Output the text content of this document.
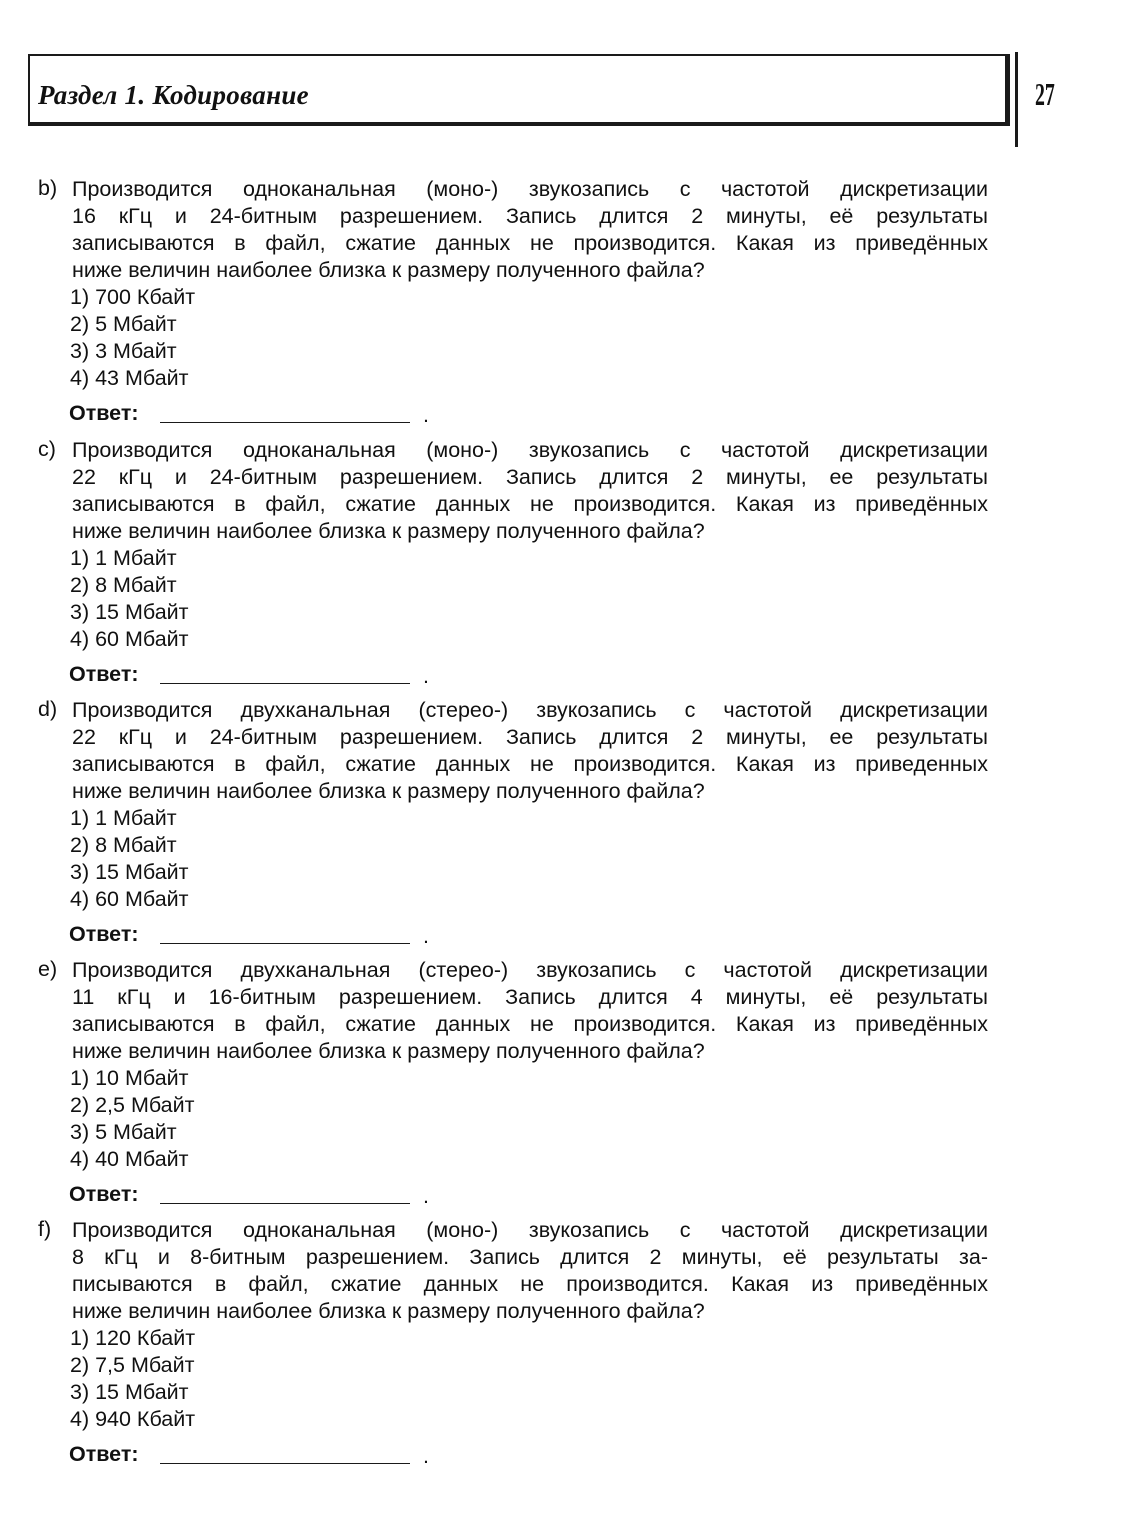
Раздел 1. Кодирование	27
b) Производится одноканальная (моно-) звукозапись с частотой дискретизации
16 кГц и 24-битным разрешением. Запись длится 2 минуты, её результаты
записываются в файл, сжатие данных не производится. Какая из приведённых
ниже величин наиболее близка к размеру полученного файла?
1) 700 Кбайт
2) 5 Мбайт
3) 3 Мбайт
4) 43 Мбайт
Ответ:	.
c) Производится одноканальная (моно-) звукозапись с частотой дискретизации
22 кГц и 24-битным разрешением. Запись длится 2 минуты, ее результаты
записываются в файл, сжатие данных не производится. Какая из приведённых
ниже величин наиболее близка к размеру полученного файла?
1) 1 Мбайт
2) 8 Мбайт
3) 15 Мбайт
4) 60 Мбайт
Ответ:	.
d) Производится двухканальная (стерео-) звукозапись с частотой дискретизации
22 кГц и 24-битным разрешением. Запись длится 2 минуты, ее результаты
записываются в файл, сжатие данных не производится. Какая из приведенных
ниже величин наиболее близка к размеру полученного файла?
1) 1 Мбайт
2) 8 Мбайт
3) 15 Мбайт
4) 60 Мбайт
Ответ:	.
e) Производится двухканальная (стерео-) звукозапись с частотой дискретизации
11 кГц и 16-битным разрешением. Запись длится 4 минуты, её результаты
записываются в файл, сжатие данных не производится. Какая из приведённых
ниже величин наиболее близка к размеру полученного файла?
1) 10 Мбайт
2) 2,5 Мбайт
3) 5 Мбайт
4) 40 Мбайт
Ответ:	.
f) Производится одноканальная (моно-) звукозапись с частотой дискретизации
8 кГц и 8-битным разрешением. Запись длится 2 минуты, её результаты за-
писываются в файл, сжатие данных не производится. Какая из приведённых
ниже величин наиболее близка к размеру полученного файла?
1) 120 Кбайт
2) 7,5 Мбайт
3) 15 Мбайт
4) 940 Кбайт
Ответ:	.
